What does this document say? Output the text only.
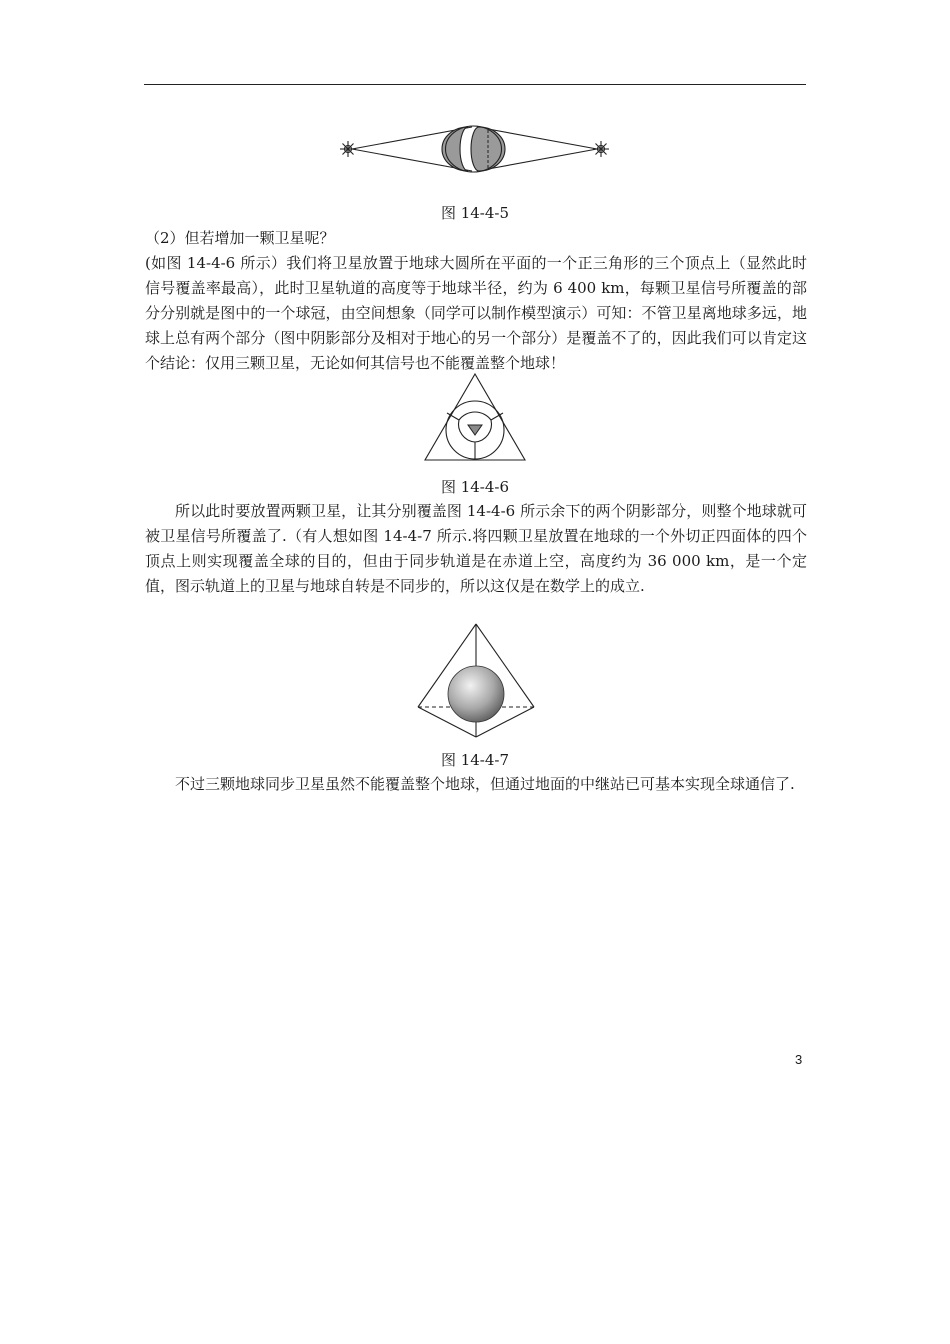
图 14-4-5

（2）但若增加一颗卫星呢？

(如图 14-4-6 所示）我们将卫星放置于地球大圆所在平面的一个正三角形的三个顶点上（显然此时信号覆盖率最高），此时卫星轨道的高度等于地球半径，约为 6 400 km，每颗卫星信号所覆盖的部分分别就是图中的一个球冠，由空间想象（同学可以制作模型演示）可知：不管卫星离地球多远，地球上总有两个部分（图中阴影部分及相对于地心的另一个部分）是覆盖不了的，因此我们可以肯定这个结论：仅用三颗卫星，无论如何其信号也不能覆盖整个地球！

图 14-4-6

所以此时要放置两颗卫星，让其分别覆盖图 14-4-6 所示余下的两个阴影部分，则整个地球就可被卫星信号所覆盖了.（有人想如图 14-4-7 所示.将四颗卫星放置在地球的一个外切正四面体的四个顶点上则实现覆盖全球的目的，但由于同步轨道是在赤道上空，高度约为 36 000 km，是一个定值，图示轨道上的卫星与地球自转是不同步的，所以这仅是在数学上的成立.

图 14-4-7

不过三颗地球同步卫星虽然不能覆盖整个地球，但通过地面的中继站已可基本实现全球通信了.

3
